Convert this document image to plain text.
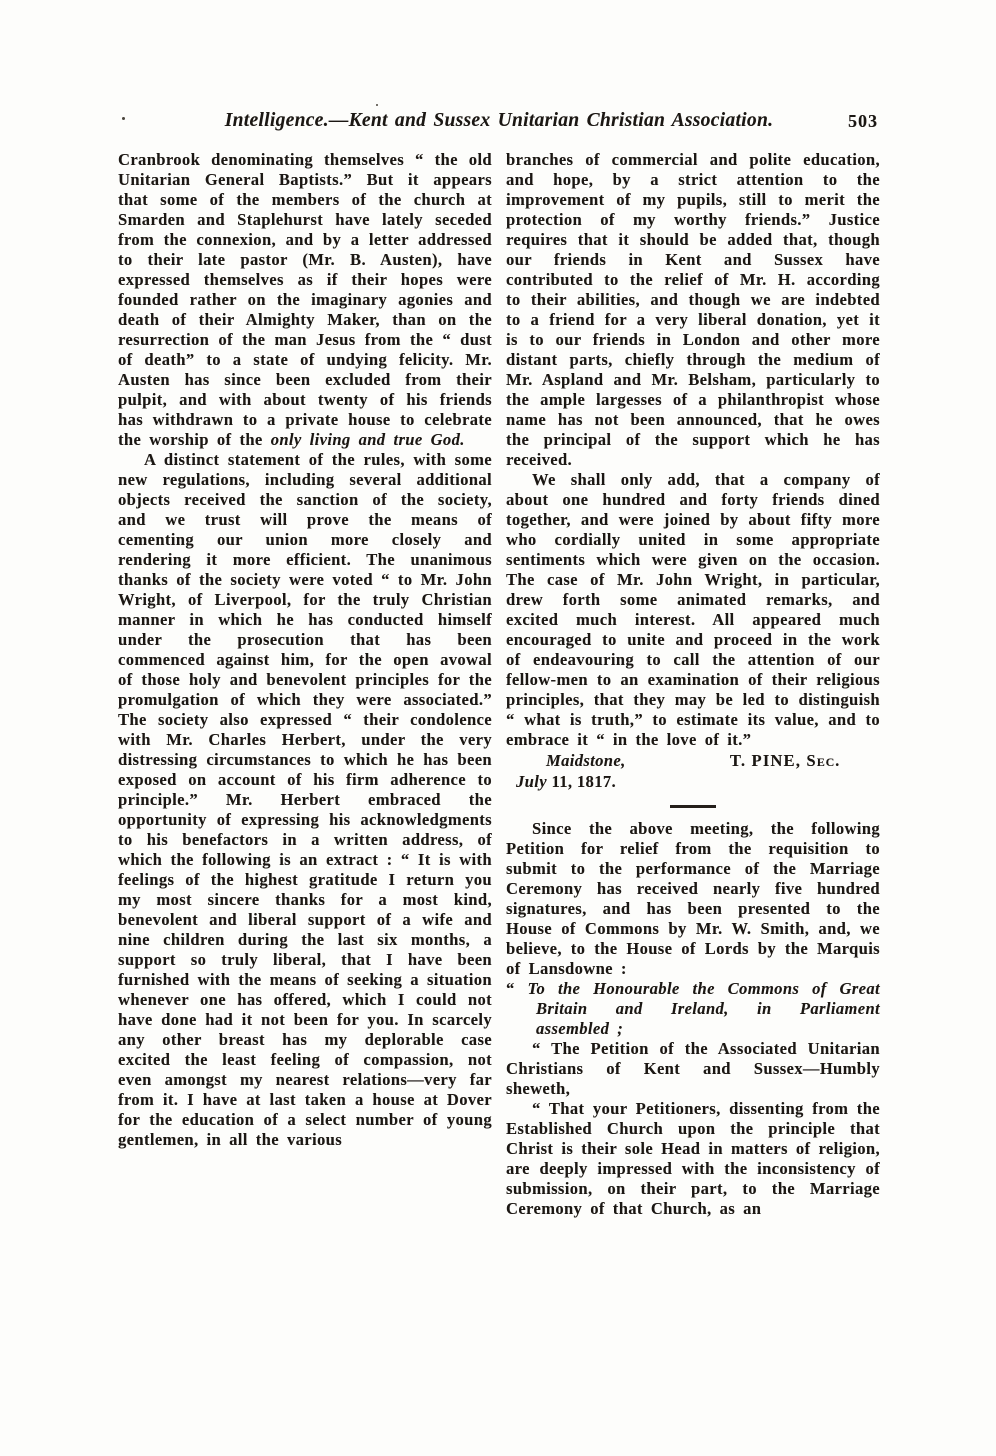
Intelligence.—Kent and Sussex Unitarian Christian Association.	503

Cranbrook denominating themselves “ the old Unitarian General Baptists.” But it appears that some of the members of the church at Smarden and Staplehurst have lately seceded from the connexion, and by a letter addressed to their late pastor (Mr. B. Austen), have expressed themselves as if their hopes were founded rather on the imaginary agonies and death of their Almighty Maker, than on the resurrection of the man Jesus from the “ dust of death” to a state of undying felicity. Mr. Austen has since been excluded from their pulpit, and with about twenty of his friends has withdrawn to a private house to celebrate the worship of the only living and true God.

A distinct statement of the rules, with some new regulations, including several additional objects received the sanction of the society, and we trust will prove the means of cementing our union more closely and rendering it more efficient. The unanimous thanks of the society were voted “ to Mr. John Wright, of Liverpool, for the truly Christian manner in which he has conducted himself under the prosecution that has been commenced against him, for the open avowal of those holy and benevolent principles for the promulgation of which they were associated.” The society also expressed “ their condolence with Mr. Charles Herbert, under the very distressing circumstances to which he has been exposed on account of his firm adherence to principle.” Mr. Herbert embraced the opportunity of expressing his acknowledgments to his benefactors in a written address, of which the following is an extract : “ It is with feelings of the highest gratitude I return you my most sincere thanks for a most kind, benevolent and liberal support of a wife and nine children during the last six months, a support so truly liberal, that I have been furnished with the means of seeking a situation whenever one has offered, which I could not have done had it not been for you. In scarcely any other breast has my deplorable case excited the least feeling of compassion, not even amongst my nearest relations—very far from it. I have at last taken a house at Dover for the education of a select number of young gentlemen, in all the various

branches of commercial and polite education, and hope, by a strict attention to the improvement of my pupils, still to merit the protection of my worthy friends.” Justice requires that it should be added that, though our friends in Kent and Sussex have contributed to the relief of Mr. H. according to their abilities, and though we are indebted to a friend for a very liberal donation, yet it is to our friends in London and other more distant parts, chiefly through the medium of Mr. Aspland and Mr. Belsham, particularly to the ample largesses of a philanthropist whose name has not been announced, that he owes the principal of the support which he has received.

We shall only add, that a company of about one hundred and forty friends dined together, and were joined by about fifty more who cordially united in some appropriate sentiments which were given on the occasion. The case of Mr. John Wright, in particular, drew forth some animated remarks, and excited much interest. All appeared much encouraged to unite and proceed in the work of endeavouring to call the attention of our fellow-men to an examination of their religious principles, that they may be led to distinguish “ what is truth,” to estimate its value, and to embrace it “ in the love of it.”

Maidstone,	T. PINE, Sec.
July 11, 1817.

Since the above meeting, the following Petition for relief from the requisition to submit to the performance of the Marriage Ceremony has received nearly five hundred signatures, and has been presented to the House of Commons by Mr. W. Smith, and, we believe, to the House of Lords by the Marquis of Lansdowne :

“ To the Honourable the Commons of Great Britain and Ireland, in Parliament assembled ;

“ The Petition of the Associated Unitarian Christians of Kent and Sussex—Humbly sheweth,

“ That your Petitioners, dissenting from the Established Church upon the principle that Christ is their sole Head in matters of religion, are deeply impressed with the inconsistency of submission, on their part, to the Marriage Ceremony of that Church, as an
